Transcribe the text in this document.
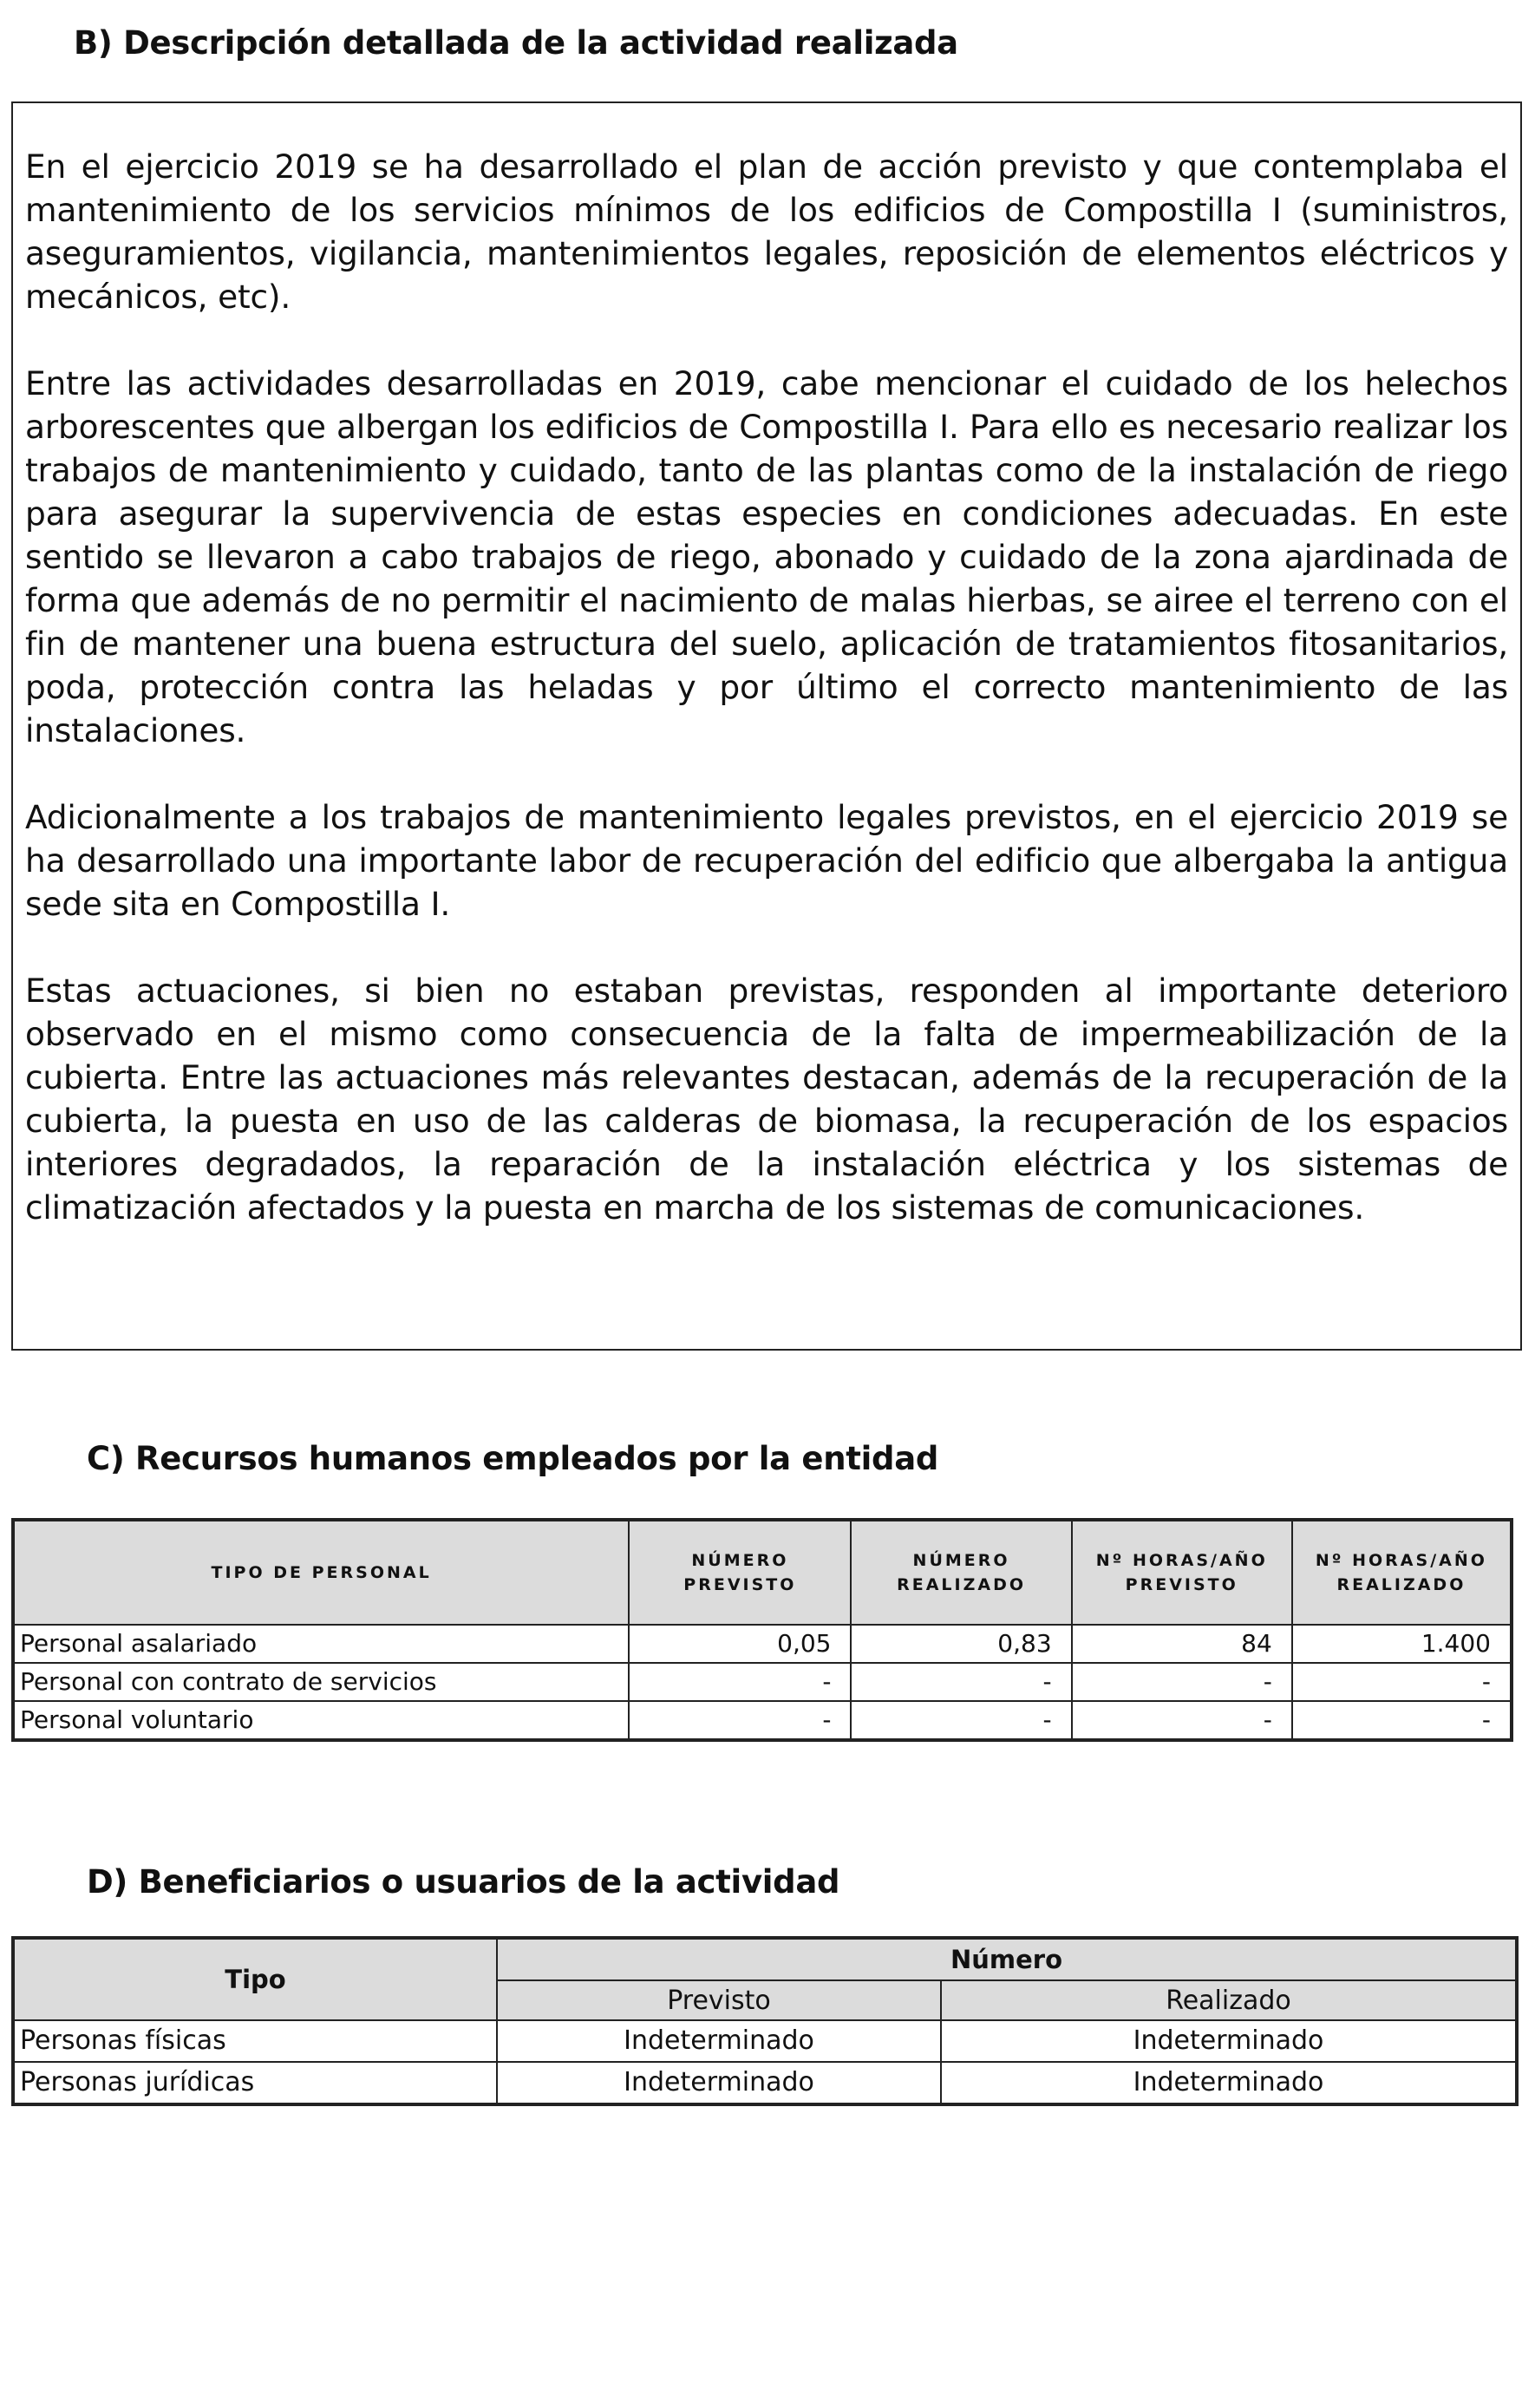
B) Descripción detallada de la actividad realizada

En el ejercicio 2019 se ha desarrollado el plan de acción previsto y que contemplaba el mantenimiento de los servicios mínimos de los edificios de Compostilla I (suministros, aseguramientos, vigilancia, mantenimientos legales, reposición de elementos eléctricos y mecánicos, etc).

Entre las actividades desarrolladas en 2019, cabe mencionar el cuidado de los helechos arborescentes que albergan los edificios de Compostilla I. Para ello es necesario realizar los trabajos de mantenimiento y cuidado, tanto de las plantas como de la instalación de riego para asegurar la supervivencia de estas especies en condiciones adecuadas. En este sentido se llevaron a cabo trabajos de riego, abonado y cuidado de la zona ajardinada de forma que además de no permitir el nacimiento de malas hierbas, se airee el terreno con el fin de mantener una buena estructura del suelo, aplicación de tratamientos fitosanitarios, poda, protección contra las heladas y por último el correcto mantenimiento de las instalaciones.

Adicionalmente a los trabajos de mantenimiento legales previstos, en el ejercicio 2019 se ha desarrollado una importante labor de recuperación del edificio que albergaba la antigua sede sita en Compostilla I.

Estas actuaciones, si bien no estaban previstas, responden al importante deterioro observado en el mismo como consecuencia de la falta de impermeabilización de la cubierta. Entre las actuaciones más relevantes destacan, además de la recuperación de la cubierta, la puesta en uso de las calderas de biomasa, la recuperación de los espacios interiores degradados, la reparación de la instalación eléctrica y los sistemas de climatización afectados y la puesta en marcha de los sistemas de comunicaciones.

C) Recursos humanos empleados por la entidad
TIPO DE PERSONAL	NÚMERO PREVISTO	NÚMERO REALIZADO	Nº HORAS/AÑO PREVISTO	Nº HORAS/AÑO REALIZADO
Personal asalariado	0,05	0,83	84	1.400
Personal con contrato de servicios	-	-	-	-
Personal voluntario	-	-	-	-
D) Beneficiarios o usuarios de la actividad
Tipo	Número	
	Previsto	Realizado
Personas físicas	Indeterminado	Indeterminado
Personas jurídicas	Indeterminado	Indeterminado
